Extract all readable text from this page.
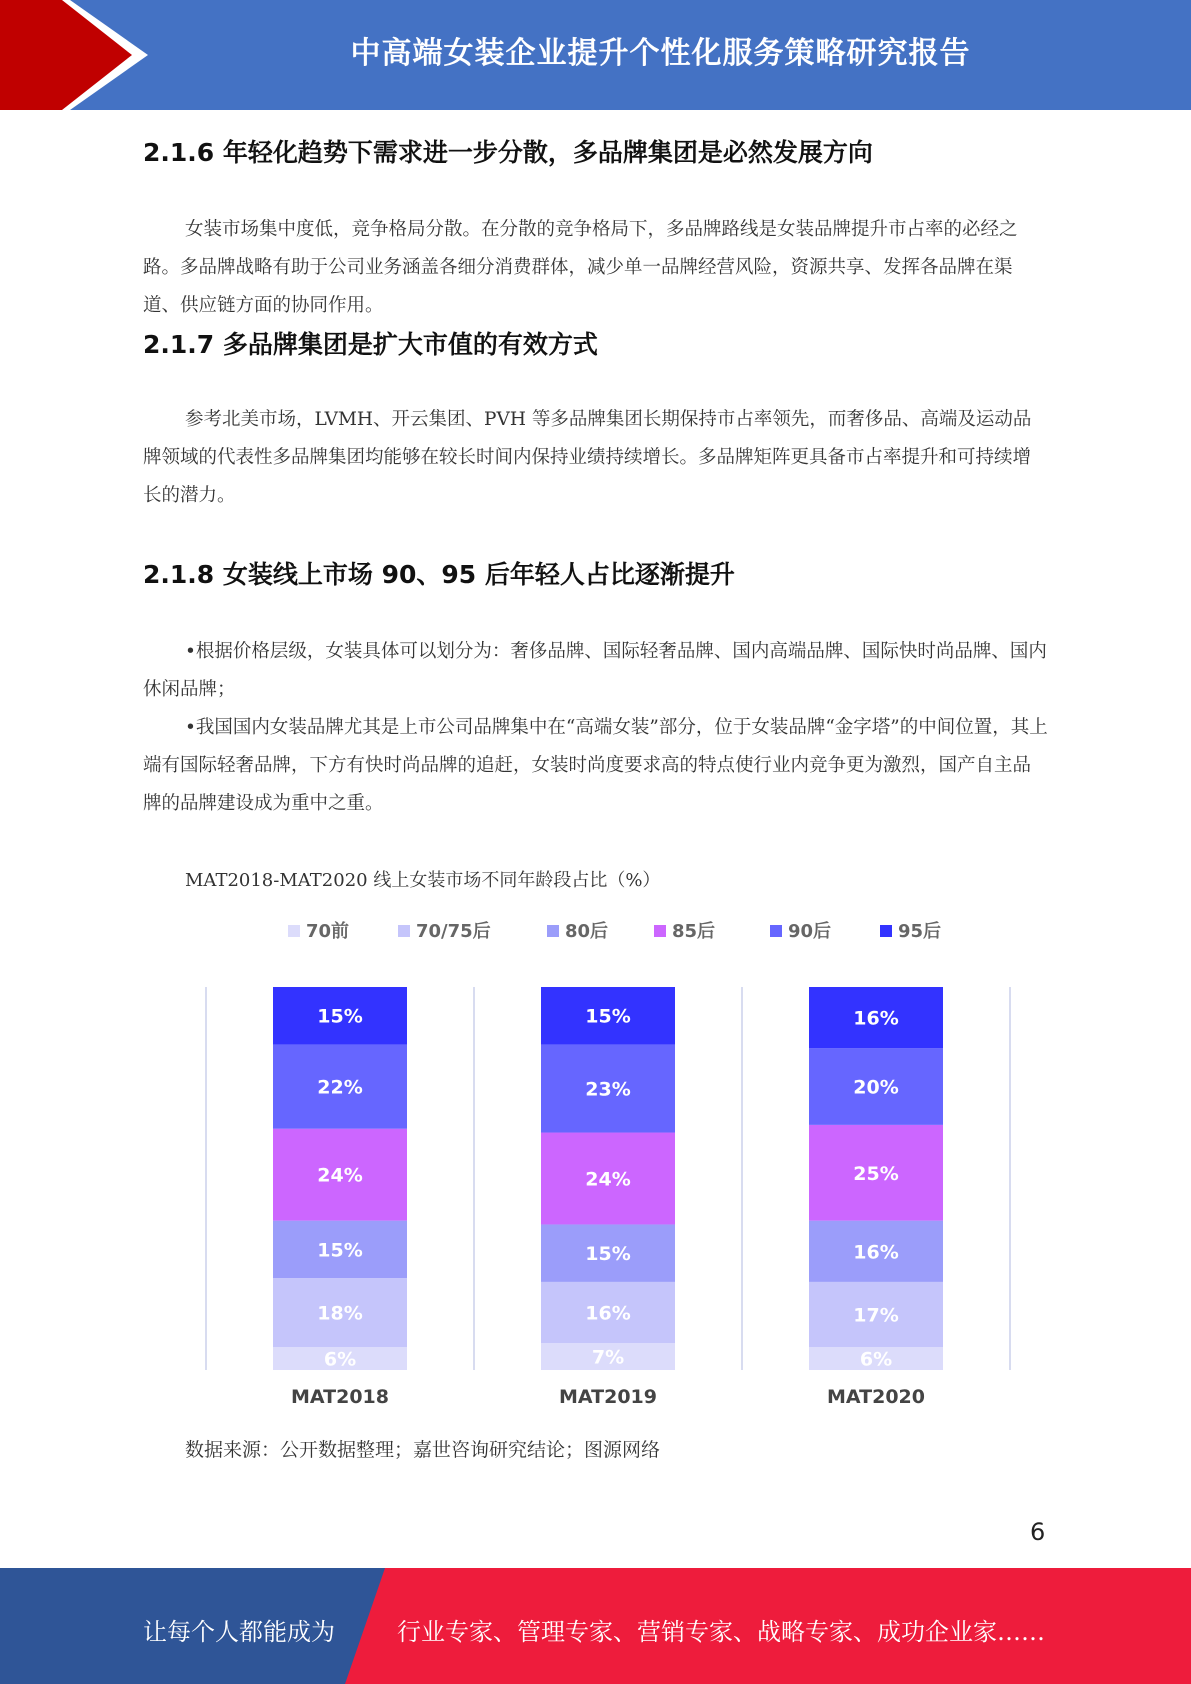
中高端女装企业提升个性化服务策略研究报告
2.1.6 年轻化趋势下需求进一步分散，多品牌集团是必然发展方向

女装市场集中度低，竞争格局分散。在分散的竞争格局下，多品牌路线是女装品牌提升市占率的必经之路。多品牌战略有助于公司业务涵盖各细分消费群体，减少单一品牌经营风险，资源共享、发挥各品牌在渠道、供应链方面的协同作用。

2.1.7 多品牌集团是扩大市值的有效方式

参考北美市场，LVMH、开云集团、PVH 等多品牌集团长期保持市占率领先，而奢侈品、高端及运动品牌领域的代表性多品牌集团均能够在较长时间内保持业绩持续增长。多品牌矩阵更具备市占率提升和可持续增长的潜力。

2.1.8 女装线上市场 90、95 后年轻人占比逐渐提升

•根据价格层级，女装具体可以划分为：奢侈品牌、国际轻奢品牌、国内高端品牌、国际快时尚品牌、国内休闲品牌；

•我国国内女装品牌尤其是上市公司品牌集中在“高端女装”部分，位于女装品牌“金字塔”的中间位置，其上端有国际轻奢品牌，下方有快时尚品牌的追赶，女装时尚度要求高的特点使行业内竞争更为激烈，国产自主品牌的品牌建设成为重中之重。

MAT2018-MAT2020 线上女装市场不同年龄段占比（%）
70前	70/75后	80后	85后	90后	95后
6%
18%
15%
24%
22%
15%
MAT2018
7%
16%
15%
24%
23%
15%
MAT2019
6%
17%
16%
25%
20%
16%
MAT2020
数据来源：公开数据整理；嘉世咨询研究结论；图源网络
6
让每个人都能成为	行业专家、管理专家、营销专家、战略专家、成功企业家……
